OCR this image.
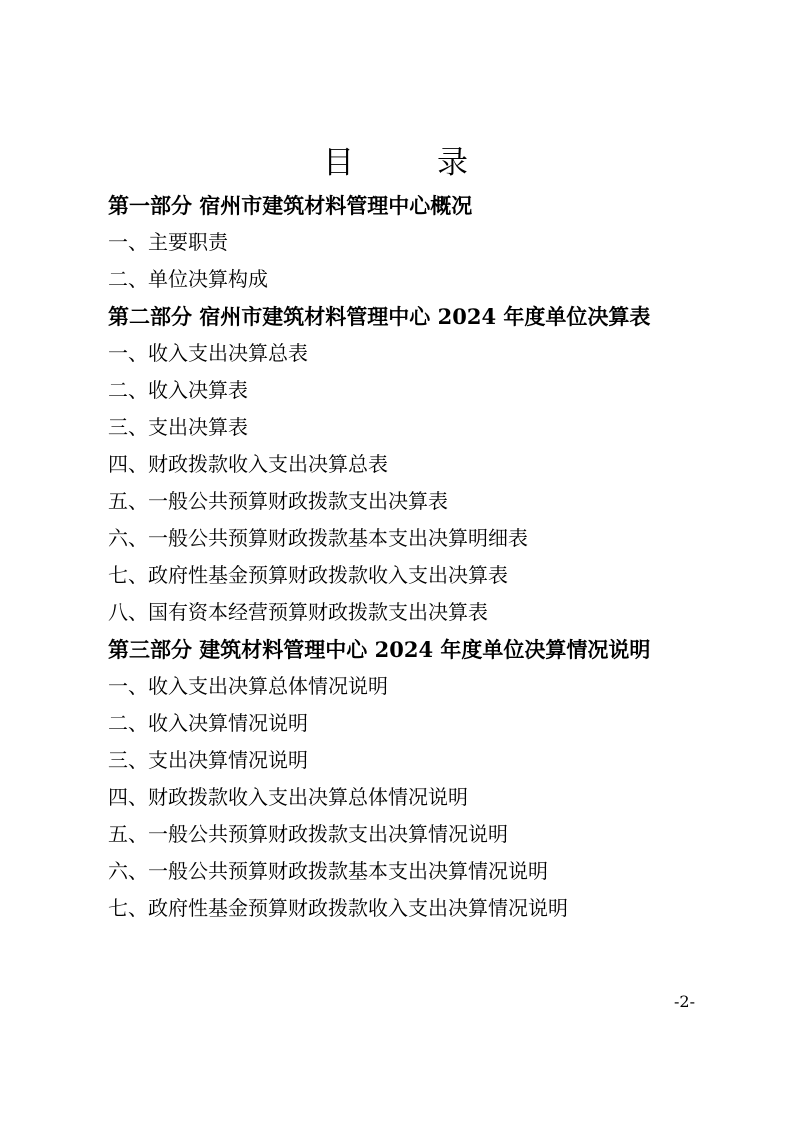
目　录
第一部分 宿州市建筑材料管理中心概况
一、主要职责
二、单位决算构成
第二部分 宿州市建筑材料管理中心 2024 年度单位决算表
一、收入支出决算总表
二、收入决算表
三、支出决算表
四、财政拨款收入支出决算总表
五、一般公共预算财政拨款支出决算表
六、一般公共预算财政拨款基本支出决算明细表
七、政府性基金预算财政拨款收入支出决算表
八、国有资本经营预算财政拨款支出决算表
第三部分 建筑材料管理中心 2024 年度单位决算情况说明
一、收入支出决算总体情况说明
二、收入决算情况说明
三、支出决算情况说明
四、财政拨款收入支出决算总体情况说明
五、一般公共预算财政拨款支出决算情况说明
六、一般公共预算财政拨款基本支出决算情况说明
七、政府性基金预算财政拨款收入支出决算情况说明
-2-
